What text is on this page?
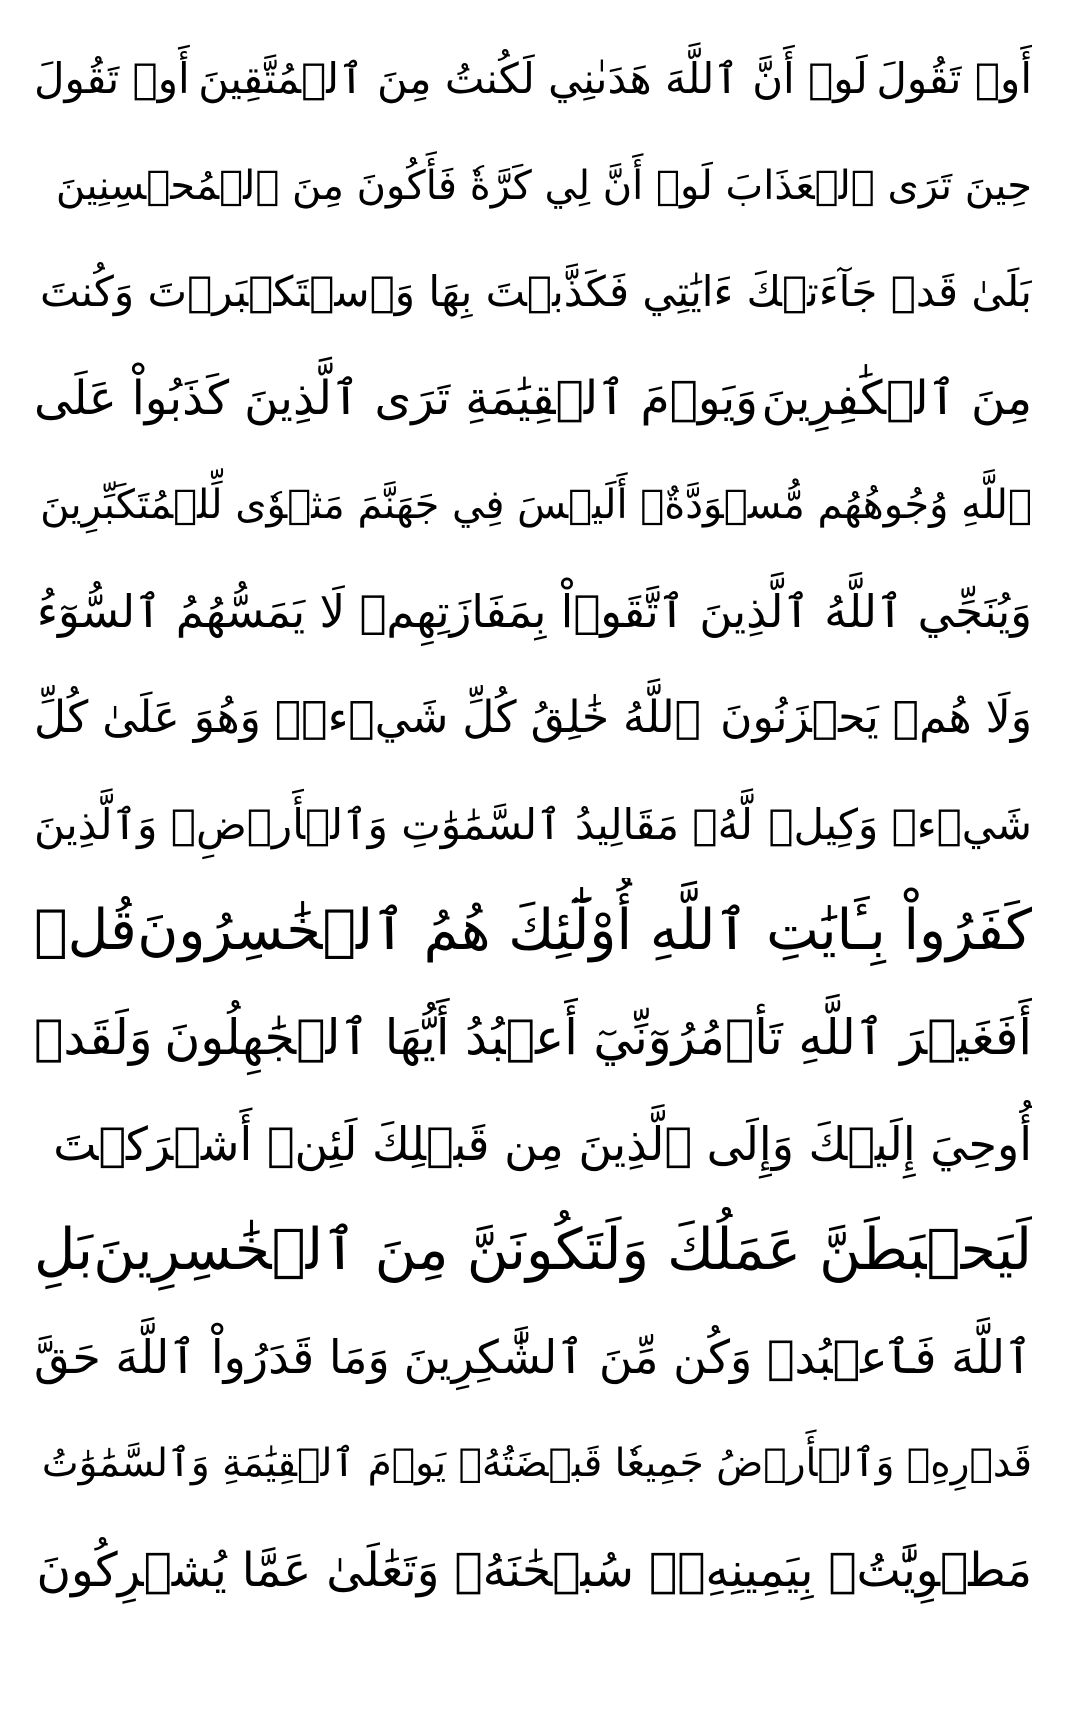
أَوۡ تَقُولَ
لَوۡ أَنَّ ٱللَّهَ هَدَىٰنِي لَكُنتُ مِنَ ٱلۡمُتَّقِينَ
أَوۡ تَقُولَ
حِينَ تَرَى ٱلۡعَذَابَ لَوۡ أَنَّ لِي كَرَّةٗ فَأَكُونَ مِنَ ٱلۡمُحۡسِنِينَ
بَلَىٰ قَدۡ جَآءَتۡكَ ءَايَٰتِي فَكَذَّبۡتَ بِهَا وَٱسۡتَكۡبَرۡتَ وَكُنتَ
مِنَ ٱلۡكَٰفِرِينَ
وَيَوۡمَ ٱلۡقِيَٰمَةِ تَرَى ٱلَّذِينَ كَذَبُواْ عَلَى
ٱللَّهِ وُجُوهُهُم مُّسۡوَدَّةٌۚ أَلَيۡسَ فِي جَهَنَّمَ مَثۡوٗى لِّلۡمُتَكَبِّرِينَ
وَيُنَجِّي ٱللَّهُ ٱلَّذِينَ ٱتَّقَوۡاْ بِمَفَازَتِهِمۡ لَا يَمَسُّهُمُ ٱلسُّوٓءُ
وَلَا هُمۡ يَحۡزَنُونَ
ٱللَّهُ خَٰلِقُ كُلِّ شَيۡءٖۖ وَهُوَ عَلَىٰ كُلِّ
شَيۡءٖ وَكِيلٞ
لَّهُۥ مَقَالِيدُ ٱلسَّمَٰوَٰتِ وَٱلۡأَرۡضِۗ وَٱلَّذِينَ
كَفَرُواْ بِـَٔايَٰتِ ٱللَّهِ أُوْلَٰٓئِكَ هُمُ ٱلۡخَٰسِرُونَ
قُلۡ
أَفَغَيۡرَ ٱللَّهِ تَأۡمُرُوٓنِّيٓ أَعۡبُدُ أَيُّهَا ٱلۡجَٰهِلُونَ
وَلَقَدۡ
أُوحِيَ إِلَيۡكَ وَإِلَى ٱلَّذِينَ مِن قَبۡلِكَ لَئِنۡ أَشۡرَكۡتَ
لَيَحۡبَطَنَّ عَمَلُكَ وَلَتَكُونَنَّ مِنَ ٱلۡخَٰسِرِينَ
بَلِ
ٱللَّهَ فَٱعۡبُدۡ وَكُن مِّنَ ٱلشَّٰكِرِينَ
وَمَا قَدَرُواْ ٱللَّهَ حَقَّ
قَدۡرِهِۦ وَٱلۡأَرۡضُ جَمِيعٗا قَبۡضَتُهُۥ يَوۡمَ ٱلۡقِيَٰمَةِ وَٱلسَّمَٰوَٰتُ
مَطۡوِيَّٰتُۢ بِيَمِينِهِۦۚ سُبۡحَٰنَهُۥ وَتَعَٰلَىٰ عَمَّا يُشۡرِكُونَ
